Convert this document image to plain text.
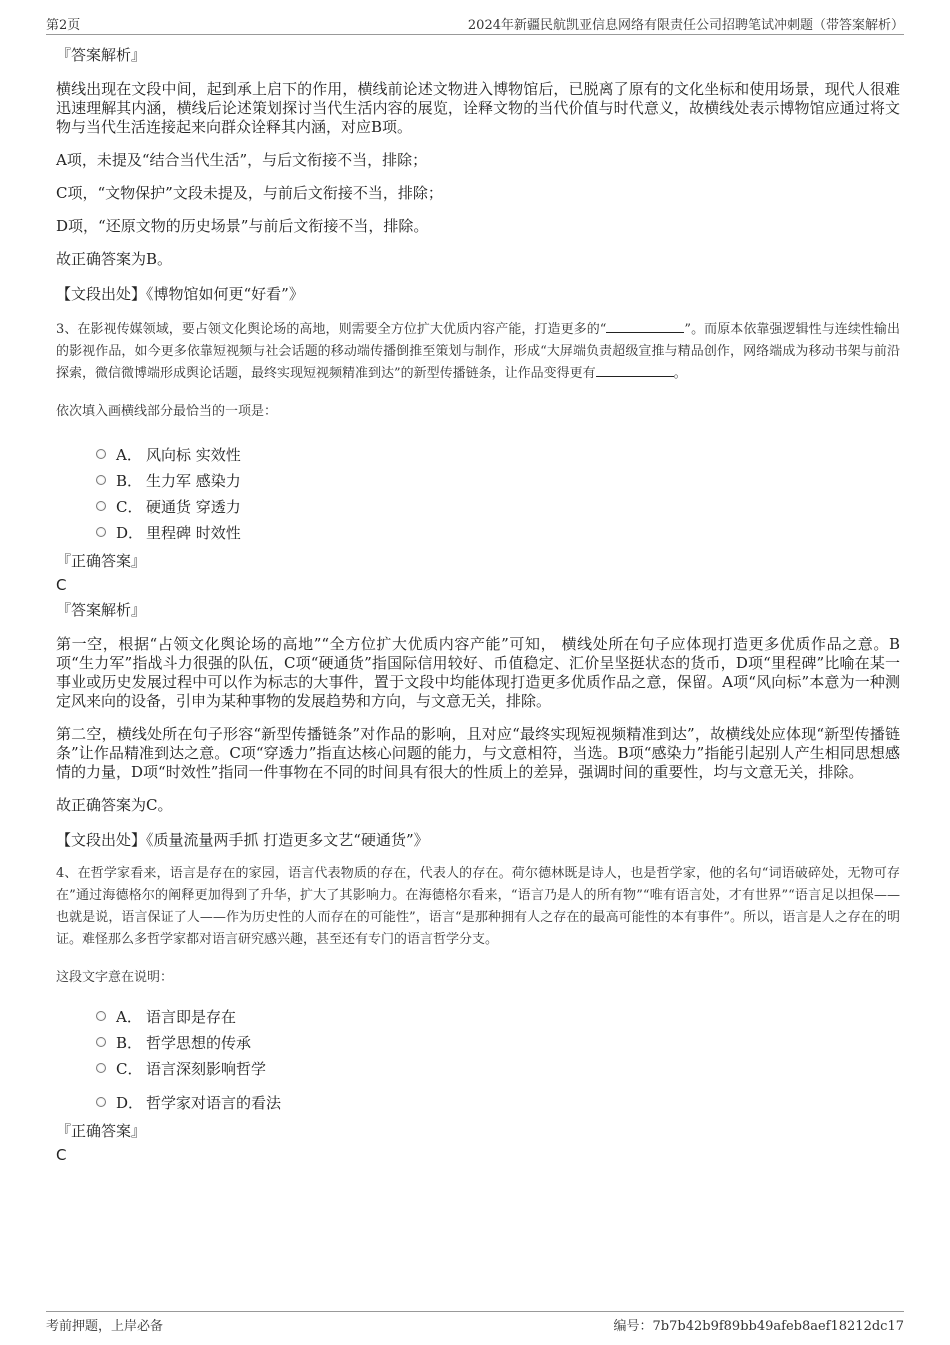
第2页	2024年新疆民航凯亚信息网络有限责任公司招聘笔试冲刺题（带答案解析）

『答案解析』

横线出现在文段中间，起到承上启下的作用，横线前论述文物进入博物馆后，已脱离了原有的文化坐标和使用场景，现代人很难迅速理解其内涵，横线后论述策划探讨当代生活内容的展览，诠释文物的当代价值与时代意义，故横线处表示博物馆应通过将文物与当代生活连接起来向群众诠释其内涵，对应B项。

A项，未提及“结合当代生活”，与后文衔接不当，排除；

C项，“文物保护”文段未提及，与前后文衔接不当，排除；

D项，“还原文物的历史场景”与前后文衔接不当，排除。

故正确答案为B。

【文段出处】《博物馆如何更“好看”》

3、在影视传媒领域，要占领文化舆论场的高地，则需要全方位扩大优质内容产能，打造更多的“	”。而原本依靠强逻辑性与连续性输出的影视作品，如今更多依靠短视频与社会话题的移动端传播倒推至策划与制作，形成“大屏端负责超级宣推与精品创作，网络端成为移动书架与前沿探索，微信微博端形成舆论话题，最终实现短视频精准到达”的新型传播链条，让作品变得更有	。

依次填入画横线部分最恰当的一项是：

A． 风向标 实效性
B． 生力军 感染力
C． 硬通货 穿透力
D． 里程碑 时效性

『正确答案』

C

『答案解析』

第一空，根据“占领文化舆论场的高地”“全方位扩大优质内容产能”可知， 横线处所在句子应体现打造更多优质作品之意。B项“生力军”指战斗力很强的队伍，C项“硬通货”指国际信用较好、币值稳定、汇价呈坚挺状态的货币，D项“里程碑”比喻在某一事业或历史发展过程中可以作为标志的大事件，置于文段中均能体现打造更多优质作品之意，保留。A项“风向标”本意为一种测定风来向的设备，引申为某种事物的发展趋势和方向，与文意无关，排除。

第二空，横线处所在句子形容“新型传播链条”对作品的影响，且对应“最终实现短视频精准到达”，故横线处应体现“新型传播链条”让作品精准到达之意。C项“穿透力”指直达核心问题的能力，与文意相符，当选。B项“感染力”指能引起别人产生相同思想感情的力量，D项“时效性”指同一件事物在不同的时间具有很大的性质上的差异，强调时间的重要性，均与文意无关，排除。

故正确答案为C。

【文段出处】《质量流量两手抓 打造更多文艺“硬通货”》

4、在哲学家看来，语言是存在的家园，语言代表物质的存在，代表人的存在。荷尔德林既是诗人，也是哲学家，他的名句“词语破碎处，无物可存在”通过海德格尔的阐释更加得到了升华，扩大了其影响力。在海德格尔看来，“语言乃是人的所有物”“唯有语言处，才有世界”“语言足以担保——也就是说，语言保证了人——作为历史性的人而存在的可能性”，语言“是那种拥有人之存在的最高可能性的本有事件”。所以，语言是人之存在的明证。难怪那么多哲学家都对语言研究感兴趣，甚至还有专门的语言哲学分支。

这段文字意在说明：

A． 语言即是存在
B． 哲学思想的传承
C． 语言深刻影响哲学
D． 哲学家对语言的看法

『正确答案』

C

考前押题，上岸必备	编号：7b7b42b9f89bb49afeb8aef18212dc17
